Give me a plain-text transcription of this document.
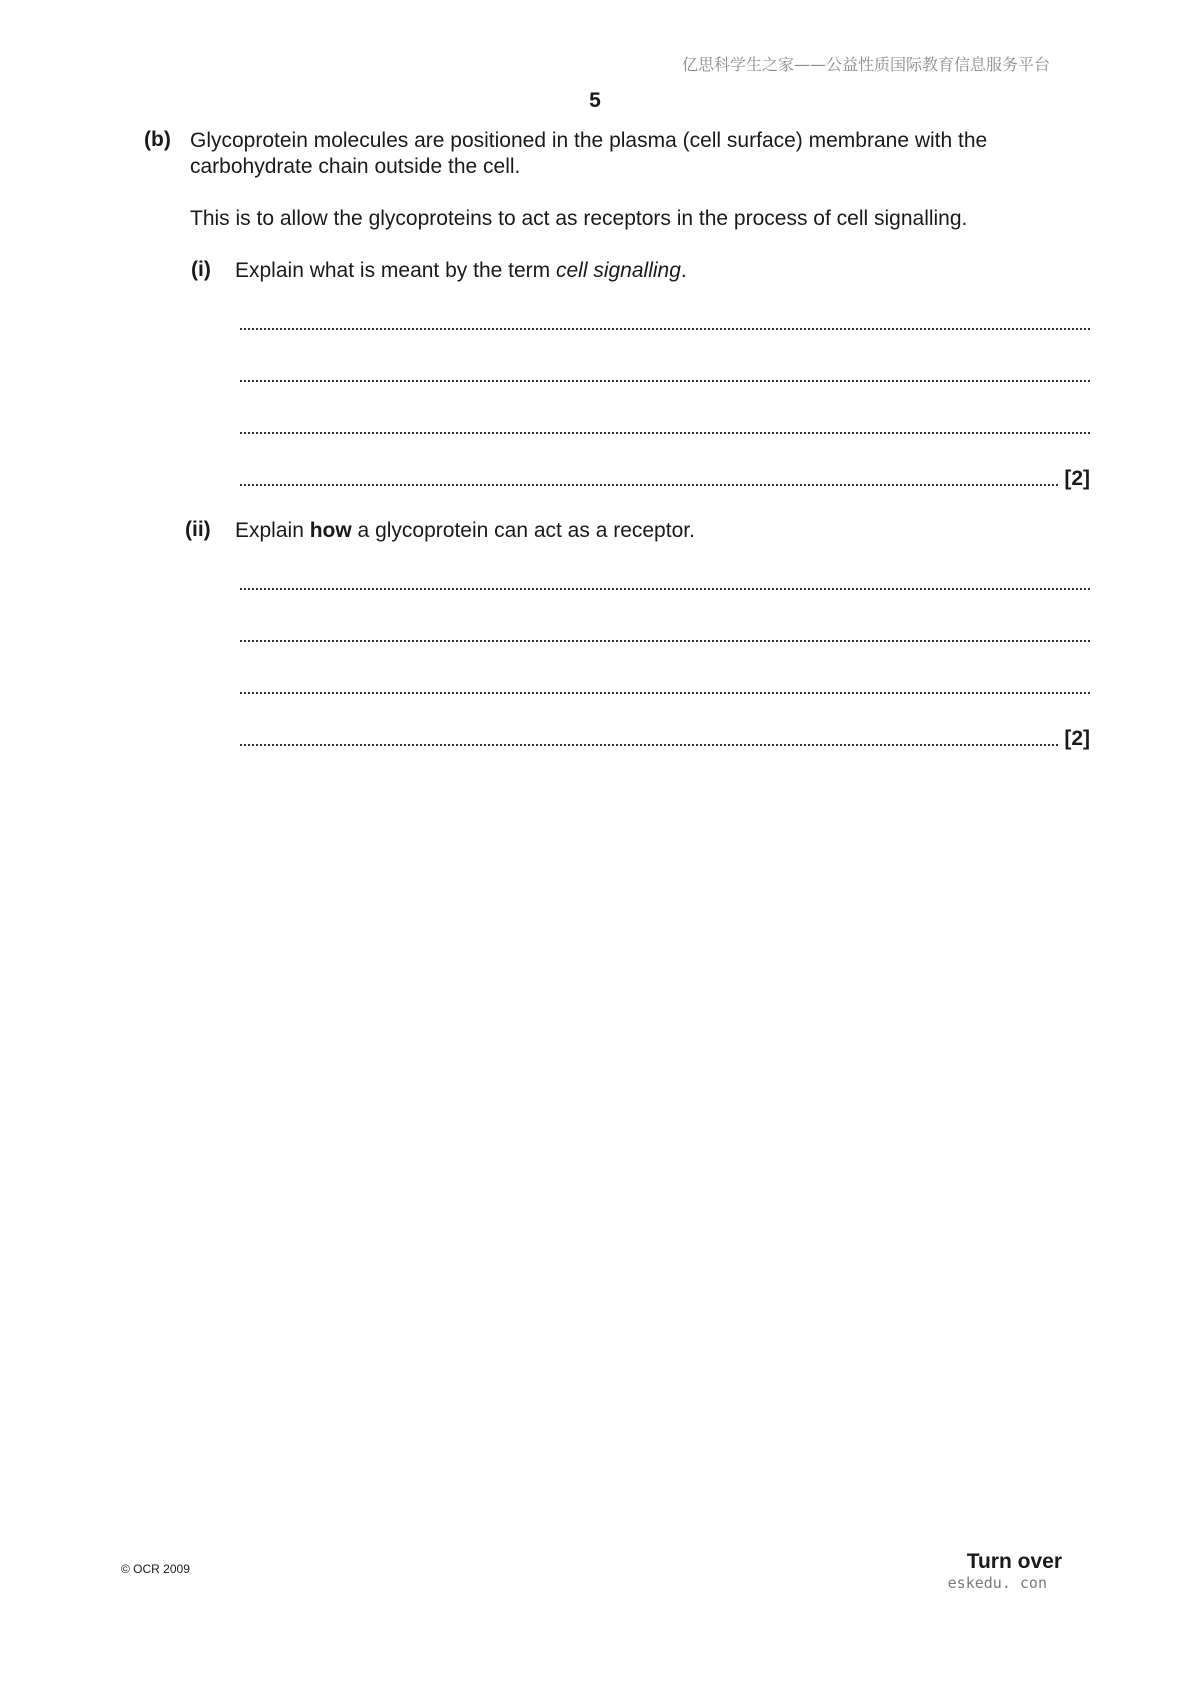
亿思科学生之家——公益性质国际教育信息服务平台
5
(b) Glycoprotein molecules are positioned in the plasma (cell surface) membrane with the
carbohydrate chain outside the cell.
This is to allow the glycoproteins to act as receptors in the process of cell signalling.
(i) Explain what is meant by the term cell signalling.
[2]
(ii) Explain how a glycoprotein can act as a receptor.
[2]
© OCR 2009	Turn over
eskedu. con
